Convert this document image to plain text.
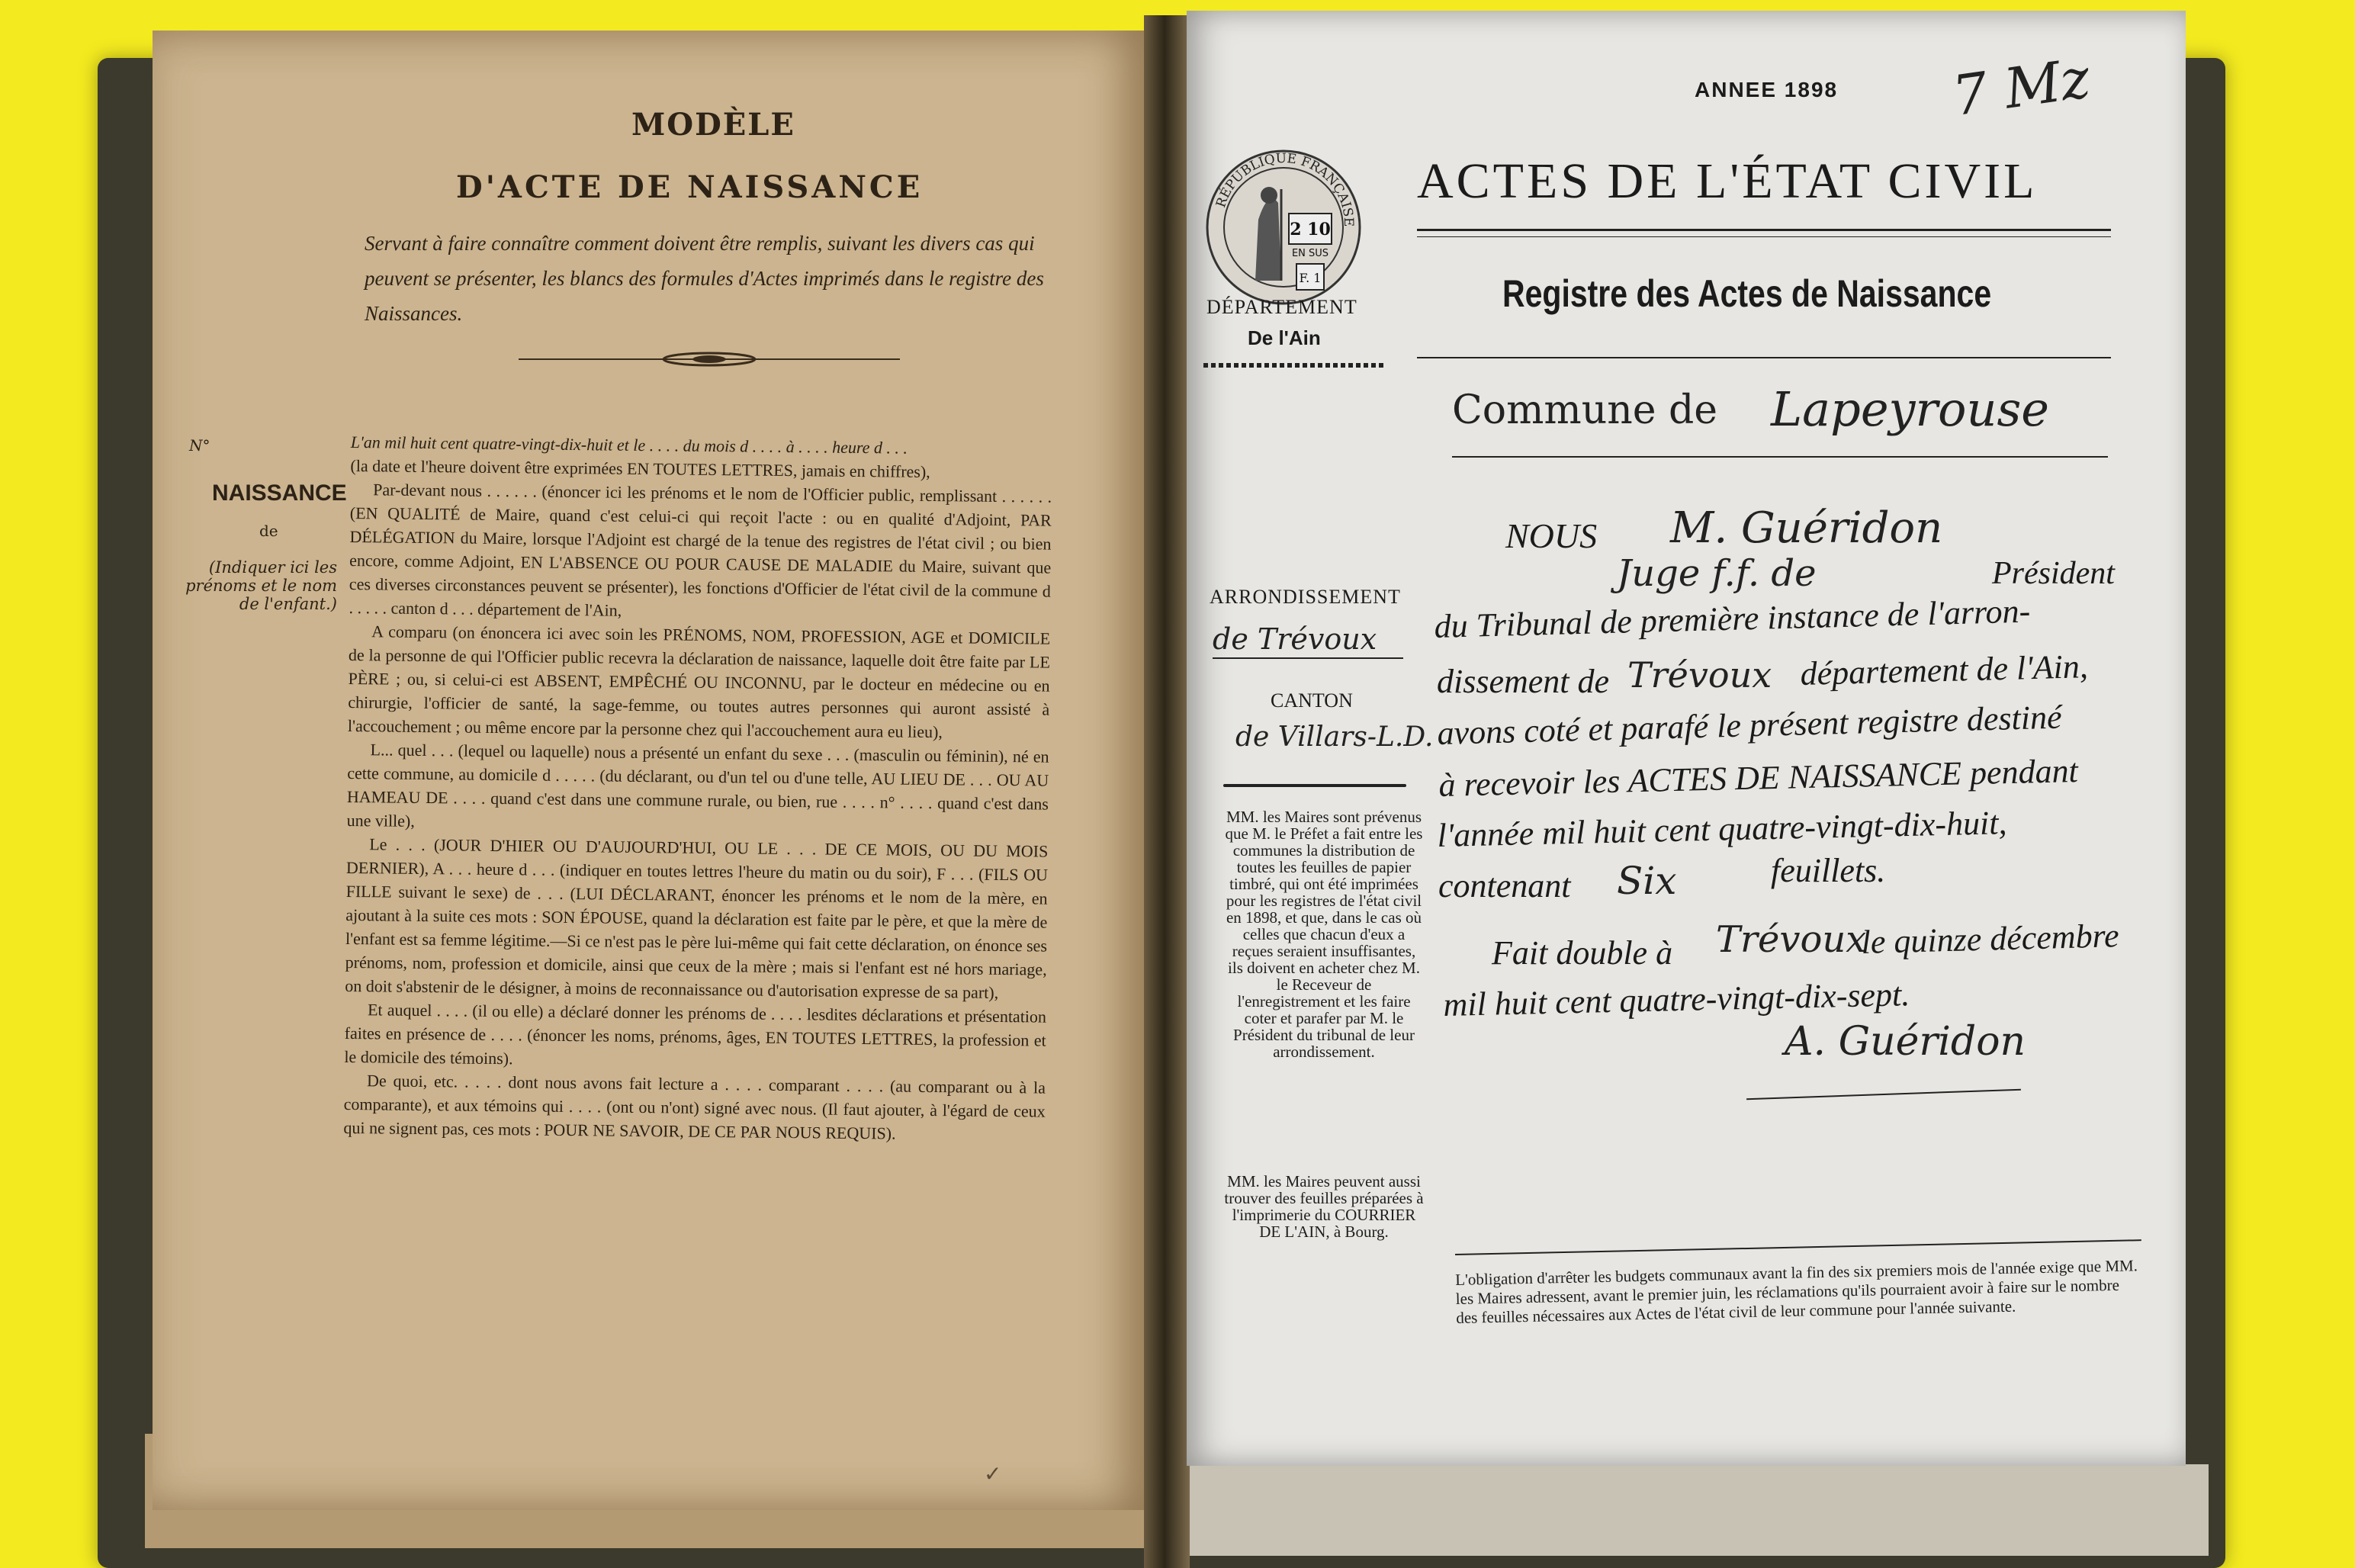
MODÈLE
D'ACTE DE NAISSANCE
Servant à faire connaître comment doivent être remplis, suivant les divers cas qui peuvent se présenter, les blancs des formules d'Actes imprimés dans le registre des Naissances.
N°
NAISSANCE
de
(Indiquer ici les prénoms et le nom de l'enfant.)

L'an mil huit cent quatre-vingt-dix-huit et le . . . . du mois d . . . . à . . . . heure d . . .

(la date et l'heure doivent être exprimées EN TOUTES LETTRES, jamais en chiffres),

Par-devant nous . . . . . . (énoncer ici les prénoms et le nom de l'Officier public, remplissant . . . . . . (EN QUALITÉ de Maire, quand c'est celui-ci qui reçoit l'acte : ou en qualité d'Adjoint, PAR DÉLÉGATION du Maire, lorsque l'Adjoint est chargé de la tenue des registres de l'état civil ; ou bien encore, comme Adjoint, EN L'ABSENCE OU POUR CAUSE DE MALADIE du Maire, suivant que ces diverses circonstances peuvent se présenter), les fonctions d'Officier de l'état civil de la commune d . . . . . canton d . . . département de l'Ain,

A comparu (on énoncera ici avec soin les PRÉNOMS, NOM, PROFESSION, AGE et DOMICILE de la personne de qui l'Officier public recevra la déclaration de naissance, laquelle doit être faite par LE PÈRE ; ou, si celui-ci est ABSENT, EMPÊCHÉ OU INCONNU, par le docteur en médecine ou en chirurgie, l'officier de santé, la sage-femme, ou toutes autres personnes qui auront assisté à l'accouchement ; ou même encore par la personne chez qui l'accouchement aura eu lieu),

L... quel . . . (lequel ou laquelle) nous a présenté un enfant du sexe . . . (masculin ou féminin), né en cette commune, au domicile d . . . . . (du déclarant, ou d'un tel ou d'une telle, AU LIEU DE . . . OU AU HAMEAU DE . . . . quand c'est dans une commune rurale, ou bien, rue . . . . n° . . . . quand c'est dans une ville),

Le . . . (JOUR D'HIER OU D'AUJOURD'HUI, OU LE . . . DE CE MOIS, OU DU MOIS DERNIER), A . . . heure d . . . (indiquer en toutes lettres l'heure du matin ou du soir), F . . . (FILS OU FILLE suivant le sexe) de . . . (LUI DÉCLARANT, énoncer les prénoms et le nom de la mère, en ajoutant à la suite ces mots : SON ÉPOUSE, quand la déclaration est faite par le père, et que la mère de l'enfant est sa femme légitime.—Si ce n'est pas le père lui-même qui fait cette déclaration, on énonce ses prénoms, nom, profession et domicile, ainsi que ceux de la mère ; mais si l'enfant est né hors mariage, on doit s'abstenir de le désigner, à moins de reconnaissance ou d'autorisation expresse de sa part),

Et auquel . . . . (il ou elle) a déclaré donner les prénoms de . . . . lesdites déclarations et présentation faites en présence de . . . . (énoncer les noms, prénoms, âges, EN TOUTES LETTRES, la profession et le domicile des témoins).

De quoi, etc. . . . . dont nous avons fait lecture a . . . . comparant . . . . (au comparant ou à la comparante), et aux témoins qui . . . . (ont ou n'ont) signé avec nous. (Il faut ajouter, à l'égard de ceux qui ne signent pas, ces mots : POUR NE SAVOIR, DE CE PAR NOUS REQUIS).

✓
ANNEE 1898 7 Mz
RÉPUBLIQUE FRANÇAISE
2 10
EN SUS
F. 1
DÉPARTEMENT
De l'Ain
ACTES DE L'ÉTAT CIVIL
Registre des Actes de Naissance
Commune de Lapeyrouse
NOUS M. Guéridon
Juge f.f. de	Président
du Tribunal de première instance de l'arron-
dissement de Trévoux département de l'Ain,
avons coté et parafé le présent registre destiné
à recevoir les ACTES DE NAISSANCE pendant
l'année mil huit cent quatre-vingt-dix-huit,
contenant Six	feuillets.
Fait double à Trévoux
le quinze décembre
mil huit cent quatre-vingt-dix-sept.
A. Guéridon
ARRONDISSEMENT
de Trévoux
CANTON
de Villars-L.D.
MM. les Maires sont prévenus que M. le Préfet a fait entre les communes la distribution de toutes les feuilles de papier timbré, qui ont été imprimées pour les registres de l'état civil en 1898, et que, dans le cas où celles que chacun d'eux a reçues seraient insuffisantes, ils doivent en acheter chez M. le Receveur de l'enregistrement et les faire coter et parafer par M. le Président du tribunal de leur arrondissement.
MM. les Maires peuvent aussi trouver des feuilles préparées à l'imprimerie du COURRIER DE L'AIN, à Bourg.
L'obligation d'arrêter les budgets communaux avant la fin des six premiers mois de l'année exige que MM. les Maires adressent, avant le premier juin, les réclamations qu'ils pourraient avoir à faire sur le nombre des feuilles nécessaires aux Actes de l'état civil de leur commune pour l'année suivante.
